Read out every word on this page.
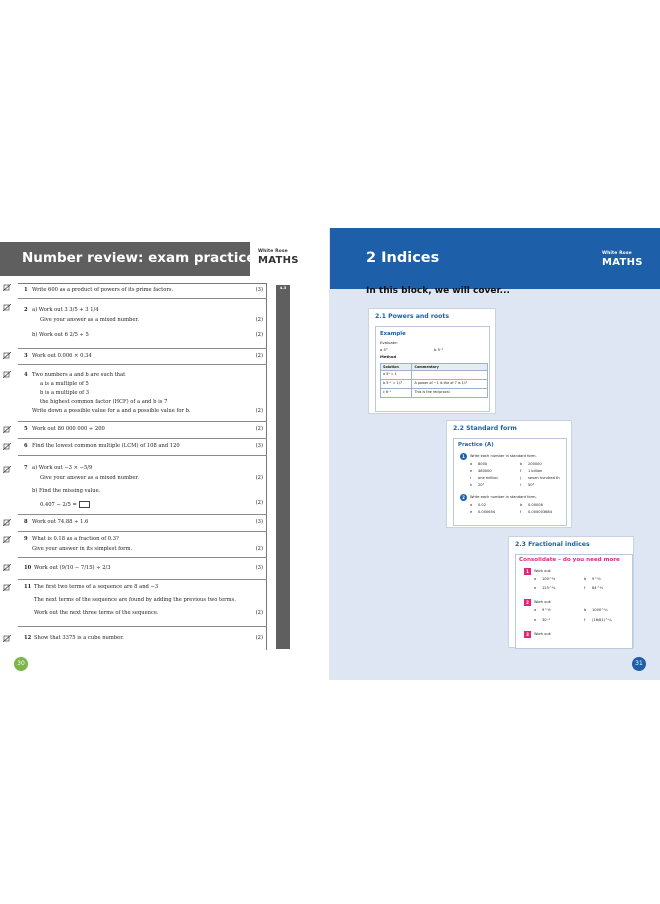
Number review: exam practice White Rose
MATHS
4–5
1 Write 600 as a product of powers of its prime factors.	(3)
2 a) Work out 3 3/5 + 3 1/4
Give your answer as a mixed number.	(2)
b) Work out 6 2/5 ÷ 5	(2)
3 Work out 0.006 × 0.34	(2)
4 Two numbers a and b are such that
a is a multiple of 5
b is a multiple of 3
the highest common factor (HCF) of a and b is 7
Write down a possible value for a and a possible value for b.	(2)
5 Work out 80 000 000 ÷ 200	(2)
6 Find the lowest common multiple (LCM) of 108 and 120	(3)
7 a) Work out −3 × −5/9
Give your answer as a mixed number.	(2)
b) Find the missing value.
0.407 − 2/5 =	(2)
8 Work out 74.88 ÷ 1.6	(3)
9 What is 0.18 as a fraction of 0.3?
Give your answer in its simplest form.	(2)
10 Work out (9/10 − 7/15) ÷ 2/3	(3)
11 The first two terms of a sequence are 8 and −3
The next terms of the sequence are found by adding the previous two terms.
Work out the next three terms of the sequence.	(2)
12 Show that 3375 is a cube number.	(2)
30
2 Indices	White Rose
MATHS
In this block, we will cover...
2.1 Powers and roots
Example
Evaluate:
a 5⁰	b 5⁻¹
Method
Solution	Commentary
a 5⁰ = 1	
b 5⁻¹ = 1/7	A power of −1 is the of 7 is 1/7
c 6⁻¹	This is the reciprocal
2.2 Standard form
Practice (A)
1	Write each number in standard form.
a 8000	b 200000
e 480000	f 1 billion
i one million	j seven hundred th
k 20²	l 50³
2	Write each number in standard form.
a 0.02	b 0.00006
e 0.000654	f 0.000003684
2.3 Fractional indices
Consolidate – do you need more
1	Work out:
a 100^½	b 9^½
e 125^⅓	f 64^⅓
2	Work out:
a 9^½	b 1000^⅓
e 30⁻¹	f (16/81)^¼
3	Work out:
31
